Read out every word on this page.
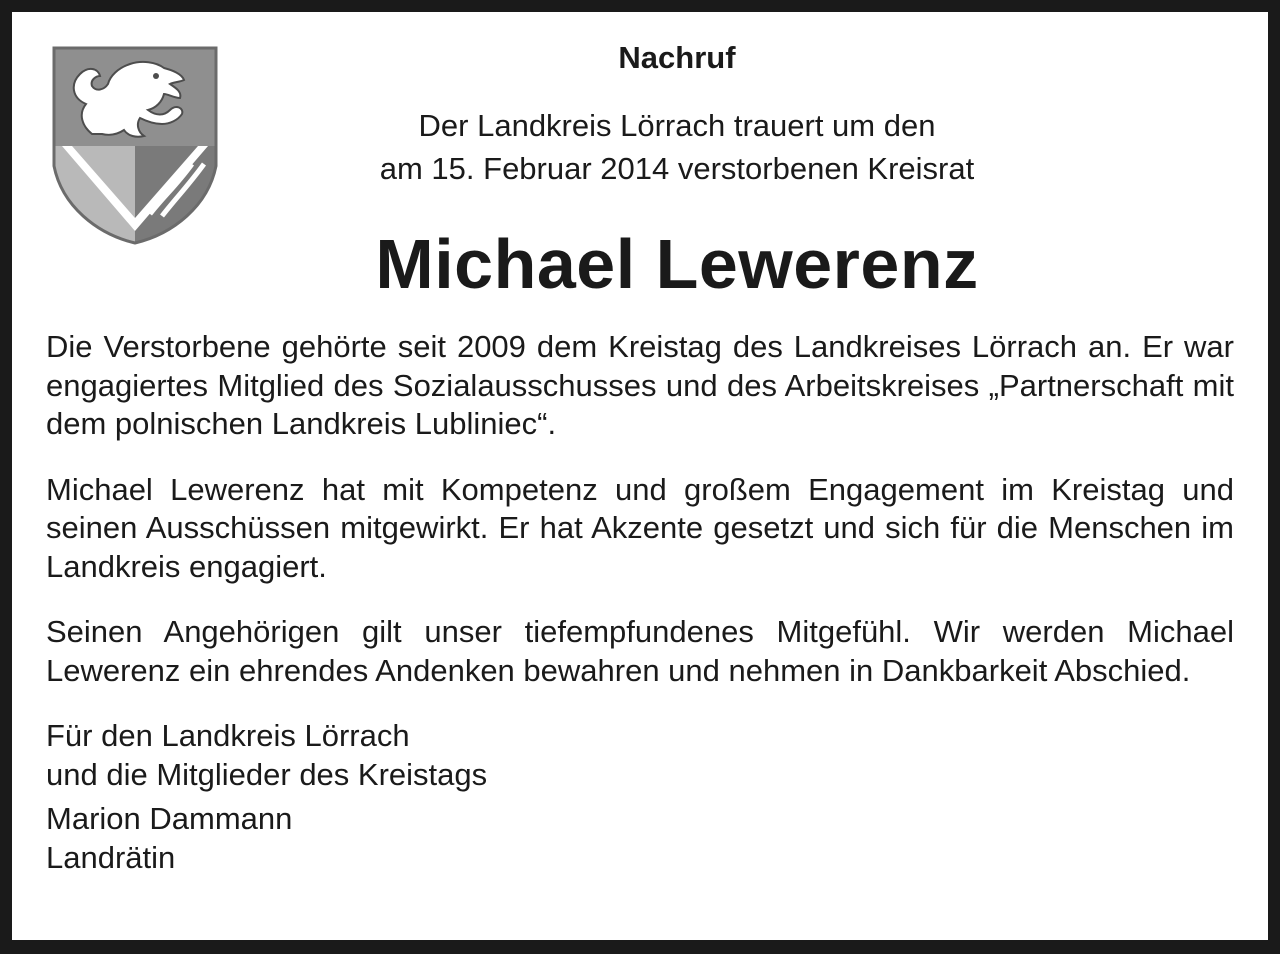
Nachruf

Der Landkreis Lörrach trauert um den

am 15. Februar 2014 verstorbenen Kreisrat

Michael Lewerenz

Die Verstorbene gehörte seit 2009 dem Kreistag des Landkreises Lörrach an. Er war engagiertes Mitglied des Sozialausschusses und des Arbeitskreises „Partnerschaft mit dem polnischen Landkreis Lubliniec“.

Michael Lewerenz hat mit Kompetenz und großem Engagement im Kreistag und seinen Ausschüssen mitgewirkt. Er hat Akzente gesetzt und sich für die Menschen im Landkreis engagiert.

Seinen Angehörigen gilt unser tiefempfundenes Mitgefühl. Wir werden Michael Lewerenz ein ehrendes Andenken bewahren und nehmen in Dankbarkeit Abschied.

Für den Landkreis Lörrach
und die Mitglieder des Kreistags

Marion Dammann
Landrätin
